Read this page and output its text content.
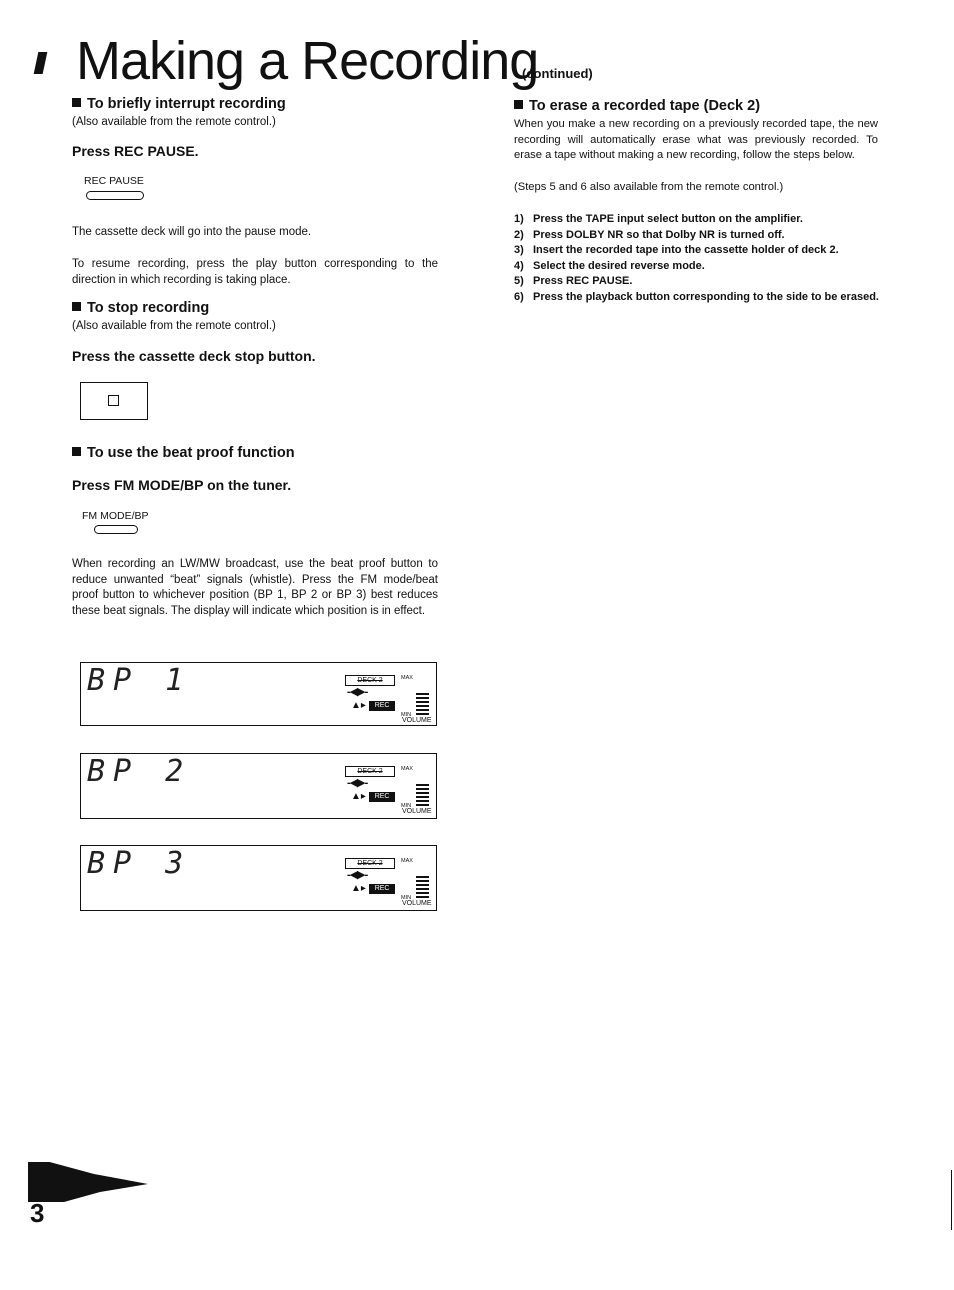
Making a Recording
(continued)
To briefly interrupt recording
(Also available from the remote control.)
Press REC PAUSE.
REC PAUSE
The cassette deck will go into the pause mode.
To resume recording, press the play button corresponding to the direction in which recording is taking place.
To stop recording
(Also available from the remote control.)
Press the cassette deck stop button.
To use the beat proof function
Press FM MODE/BP on the tuner.
FM MODE/BP
When recording an LW/MW broadcast, use the beat proof button to reduce unwanted “beat” signals (whistle). Press the FM mode/beat proof button to whichever position (BP 1, BP 2 or BP 3) best reduces these beat signals. The display will indicate which position is in effect.
BP 1	DECK 2	MAX
-◀▶-
▲▸ REC
MIN
VOLUME
BP 2	DECK 2	MAX
-◀▶-
▲▸ REC
MIN
VOLUME
BP 3	DECK 2	MAX
-◀▶-
▲▸ REC
MIN
VOLUME
To erase a recorded tape (Deck 2)
When you make a new recording on a previously recorded tape, the new recording will automatically erase what was previously recorded. To erase a tape without making a new recording, follow the steps below.
(Steps 5 and 6 also available from the remote control.)
1) Press the TAPE input select button on the amplifier.
2) Press DOLBY NR so that Dolby NR is turned off.
3) Insert the recorded tape into the cassette holder of deck 2.
4) Select the desired reverse mode.
5) Press REC PAUSE.
6) Press the playback button corresponding to the side to be erased.
3
